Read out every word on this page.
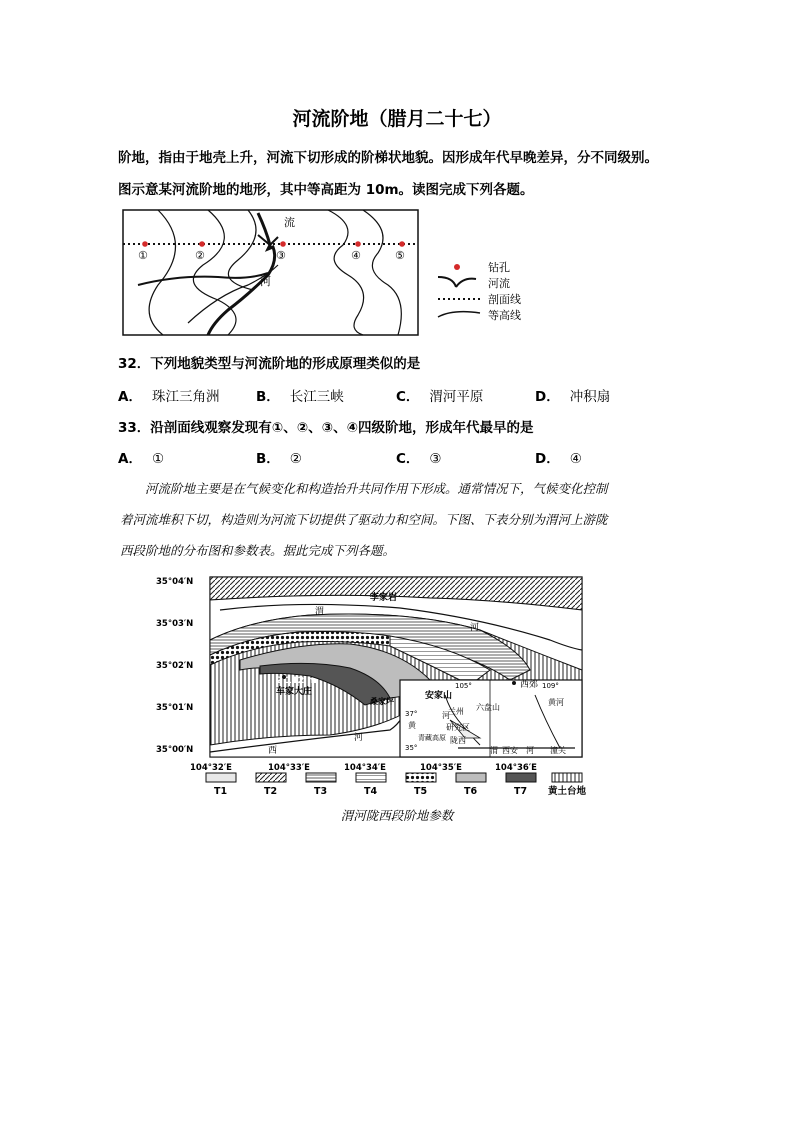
河流阶地（腊月二十七）
阶地，指由于地壳上升，河流下切形成的阶梯状地貌。因形成年代早晚差异，分不同级别。
图示意某河流阶地的地形，其中等高距为 10m。读图完成下列各题。
①	②	③	④	⑤
流
河
钻孔
河流
剖面线
等高线
32．下列地貌类型与河流阶地的形成原理类似的是
A． 珠江三角洲	B． 长江三峡	C． 渭河平原	D． 冲积扇
33．沿剖面线观察发现有①、②、③、④四级阶地，形成年代最早的是
A． ①	B． ②	C． ③	D． ④
河流阶地主要是在气候变化和构造抬升共同作用下形成。通常情况下，气候变化控制
着河流堆积下切，构造则为河流下切提供了驱动力和空间。下图、下表分别为渭河上游陇
西段阶地的分布图和参数表。据此完成下列各题。
李家岩
渭
河
2 112 m
车家大庄	安家山
桑家坪
西郊
西
河
37°
35°
105°	109°
黄
河
青藏高原
兰州
研究区
陇西
六盘山
黄河
渭 西安 河 潼关
35°04′N
35°03′N
35°02′N
35°01′N
35°00′N
104°32′E	104°33′E	104°34′E	104°35′E	104°36′E
T1	T2	T3	T4	T5	T6	T7 黄土台地
渭河陇西段阶地参数
